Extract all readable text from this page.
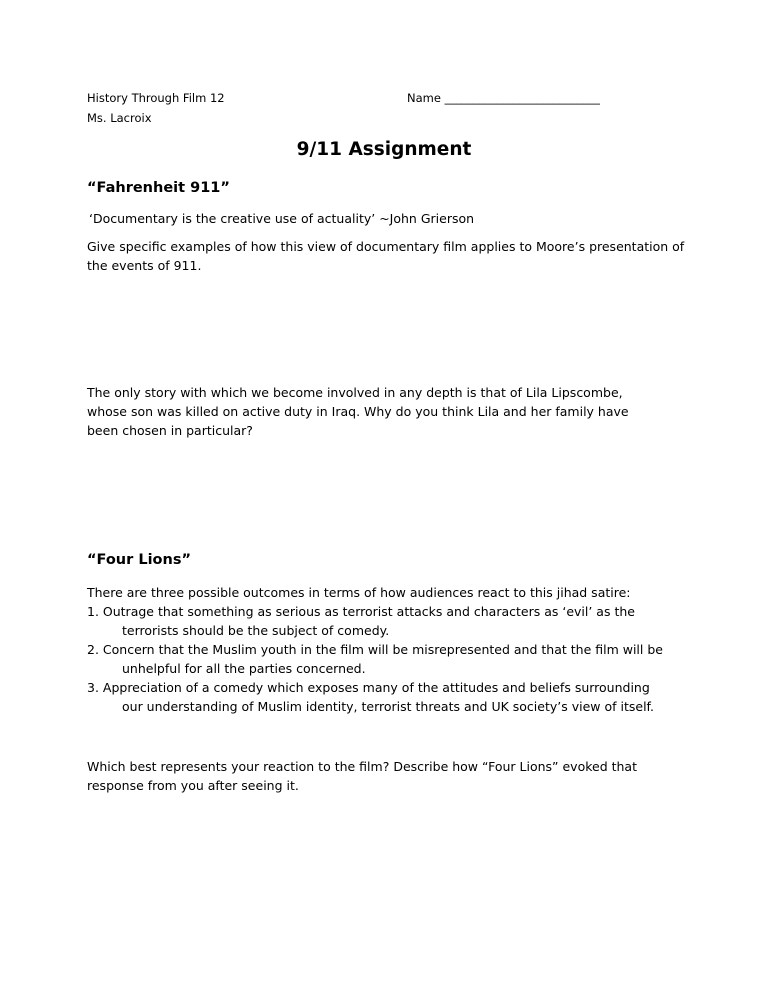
History Through Film 12
Ms. Lacroix
Name ___________________________
9/11 Assignment
“Fahrenheit 911”
‘Documentary is the creative use of actuality’ ~John Grierson

Give specific examples of how this view of documentary film applies to Moore’s presentation of

the events of 911.

The only story with which we become involved in any depth is that of Lila Lipscombe,

whose son was killed on active duty in Iraq. Why do you think Lila and her family have

been chosen in particular?

“Four Lions”

There are three possible outcomes in terms of how audiences react to this jihad satire:

1. Outrage that something as serious as terrorist attacks and characters as ‘evil’ as the
terrorists should be the subject of comedy.
2. Concern that the Muslim youth in the film will be misrepresented and that the film will be
unhelpful for all the parties concerned.
3. Appreciation of a comedy which exposes many of the attitudes and beliefs surrounding
our understanding of Muslim identity, terrorist threats and UK society’s view of itself.

Which best represents your reaction to the film? Describe how “Four Lions” evoked that

response from you after seeing it.
